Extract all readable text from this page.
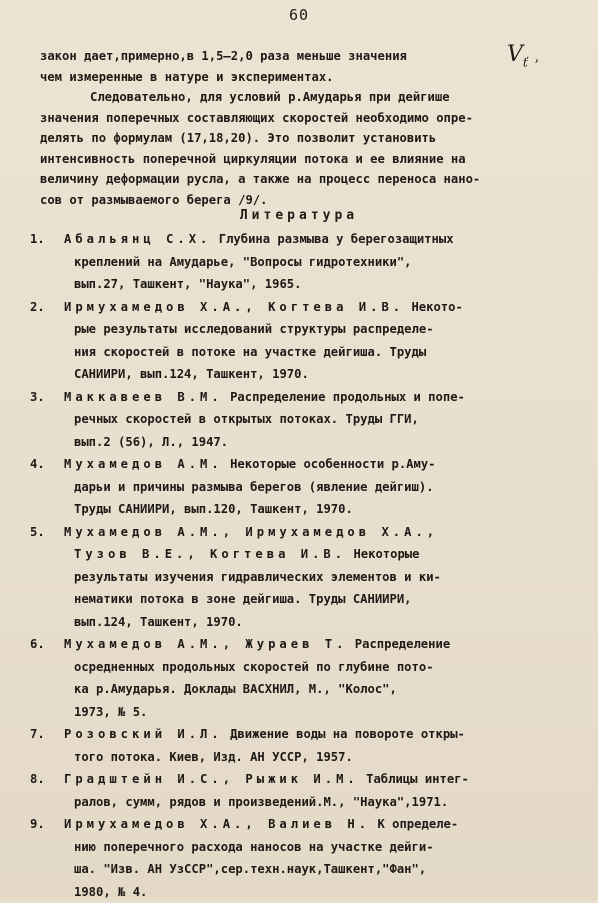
60
$V_ť$ ,
закон дает,примерно,в 1,5–2,0 раза меньше значения
чем измеренные в натуре и экспериментах.
Следовательно, для условий р.Амударья при дейгише
значения поперечных составляющих скоростей необходимо опре-
делять по формулам (17,18,20). Это позволит установить
интенсивность поперечной циркуляции потока и ее влияние на
величину деформации русла, а также на процесс переноса нано-
сов от размываемого берега /9/.
Литература
1. Абальянц С.Х. Глубина размыва у берегозащитных
креплений на Амударье, "Вопросы гидротехники",
вып.27, Ташкент, "Наука", 1965.
2. Ирмухамедов Х.А., Когтева И.В. Некото-
рые результаты исследований структуры распределе-
ния скоростей в потоке на участке дейгиша. Труды
САНИИРИ, вып.124, Ташкент, 1970.
3. Маккавеев В.М. Распределение продольных и попе-
речных скоростей в открытых потоках. Труды ГГИ,
вып.2 (56), Л., 1947.
4. Мухамедов А.М. Некоторые особенности р.Аму-
дарьи и причины размыва берегов (явление дейгиш).
Труды САНИИРИ, вып.120, Ташкент, 1970.
5. Мухамедов А.М., Ирмухамедов Х.А.,
Тузов В.Е., Когтева И.В. Некоторые
результаты изучения гидравлических элементов и ки-
нематики потока в зоне дейгиша. Труды САНИИРИ,
вып.124, Ташкент, 1970.
6. Мухамедов А.М., Жураев Т. Распределение
осредненных продольных скоростей по глубине пото-
ка р.Амударья. Доклады ВАСХНИЛ, М., "Колос",
1973, № 5.
7. Розовский И.Л. Движение воды на повороте откры-
того потока. Киев, Изд. АН УССР, 1957.
8. Градштейн И.С., Рыжик И.М. Таблицы интег-
ралов, сумм, рядов и произведений.М., "Наука",1971.
9. Ирмухамедов Х.А., Валиев Н. К определе-
нию поперечного расхода наносов на участке дейги-
ша. "Изв. АН УзССР",сер.техн.наук,Ташкент,"Фан",
1980, № 4.
